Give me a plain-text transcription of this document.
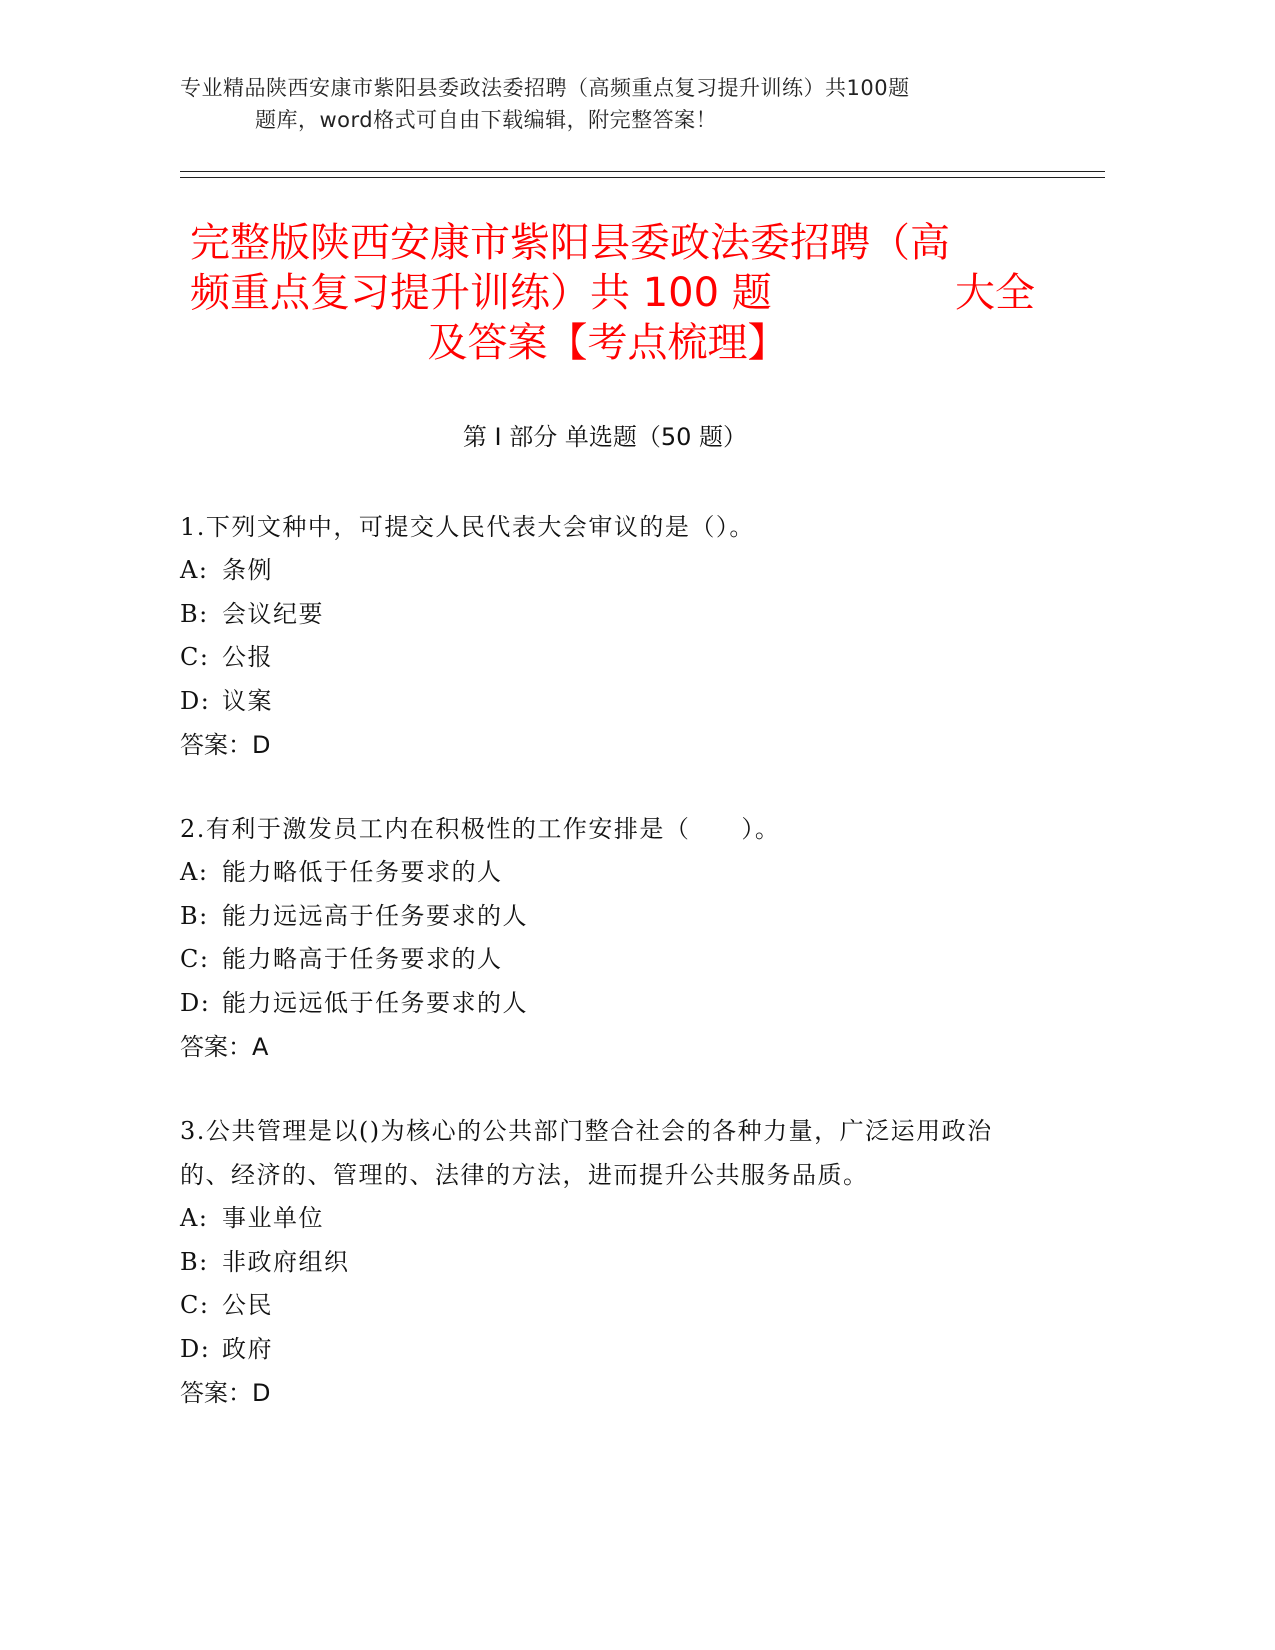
专业精品陕西安康市紫阳县委政法委招聘（高频重点复习提升训练）共100题
题库，word格式可自由下载编辑，附完整答案！
完整版陕西安康市紫阳县委政法委招聘（高
频重点复习提升训练）共 100 题	大全
及答案【考点梳理】
第 I 部分 单选题（50 题）
1.下列文种中，可提交人民代表大会审议的是（）。
A: 条例
B: 会议纪要
C: 公报
D: 议案
答案：D
2.有利于激发员工内在积极性的工作安排是（　　）。
A: 能力略低于任务要求的人
B: 能力远远高于任务要求的人
C: 能力略高于任务要求的人
D: 能力远远低于任务要求的人
答案：A
3.公共管理是以()为核心的公共部门整合社会的各种力量，广泛运用政治的、经济的、管理的、法律的方法，进而提升公共服务品质。
A: 事业单位
B: 非政府组织
C: 公民
D: 政府
答案：D
